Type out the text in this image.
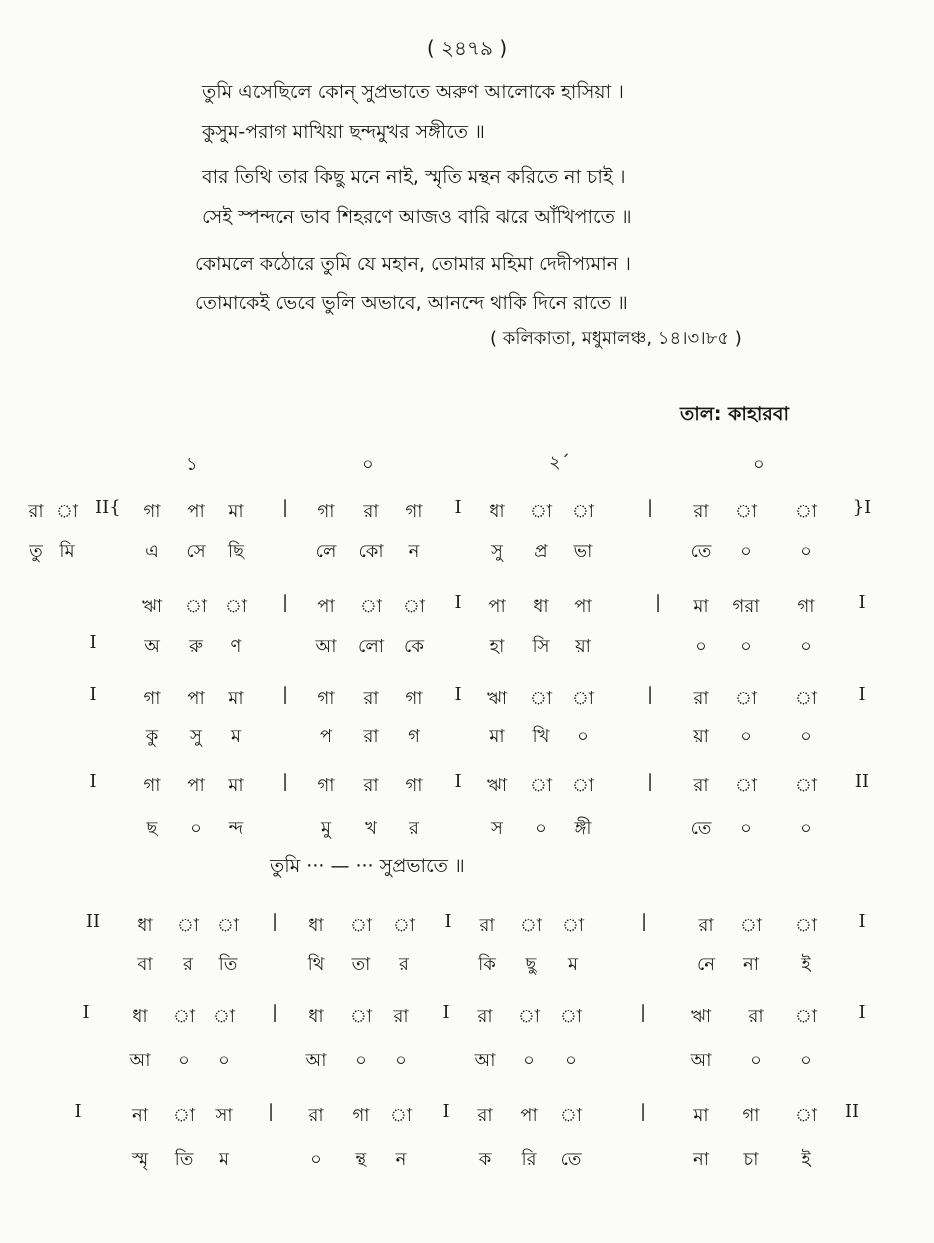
( ২৪৭৯ )
তুমি এসেছিলে কোন্ সুপ্রভাতে অরুণ আলোকে হাসিয়া ।
কুসুম-পরাগ মাখিয়া ছন্দমুখর সঙ্গীতে ॥
বার তিথি তার কিছু মনে নাই, স্মৃতি মন্থন করিতে না চাই ।
সেই স্পন্দনে ভাব শিহরণে আজও বারি ঝরে আঁখিপাতে ॥
কোমলে কঠোরে তুমি যে মহান, তোমার মহিমা দেদীপ্যমান ।
তোমাকেই ভেবে ভুলি অভাবে, আনন্দে থাকি দিনে রাতে ॥
( কলিকাতা, মধুমালঞ্চ, ১৪।৩।৮৫ )
তাল: কাহারবা
১	০	২´	০
তুমি ··· — ··· সুপ্রভাতে ॥
রা া II{	গা	পা	মা	|	গা	রা	গা	I	ধা	া	া	|	রা	া	া	}I
তু মি	এ	সে	ছি	লে	কো	ন	সু	প্র	ভা	তে	০	০
ঋা	া া	|	পা	া	া	I	পা	ধা	পা	|	মা	গরা	গা	I
I	অ	রু	ণ	আ	লো	কে	হা	সি	য়া	০	০	০
I	গা	পা	মা	|	গা	রা	গা	I	ঋা	া	া	|	রা	া	া	I
কু	সু	ম	প	রা	গ	মা	খি	০	য়া	০	০
I	গা	পা	মা	|	গা	রা	গা	I	ঋা	া	া	|	রা	া	া	II
ছ	০	ন্দ	মু	খ	র	স	০	ঙ্গী	তে	০	০
II	ধা	া া	|	ধা	া	া	I	রা	া	া	|	রা	া	া	I
বা	র	তি	থি	তা	র	কি	ছু	ম	নে	না	ই
I	ধা	া া	|	ধা	া	রা	I	রা	া	া	|	ঋা	রা	া	I
আ	০	০	আ	০	০	আ	০	০	আ	০	০
I	না	া	সা	|	রা	গা	া	I	রা	পা	া	|	মা	গা	া	II
স্মৃ	তি	ম	০	ন্থ	ন	ক	রি	তে	না	চা	ই
